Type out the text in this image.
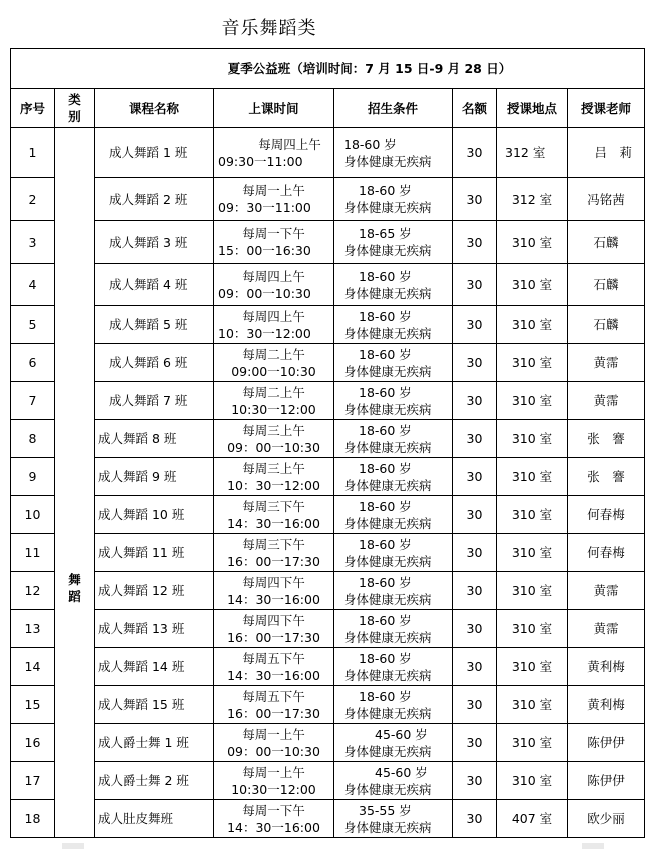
音乐舞蹈类
夏季公益班（培训时间：7 月 15 日-9 月 28 日）							
序号	类别	课程名称	上课时间	招生条件	名额	授课地点	授课老师
1	舞蹈	成人舞蹈 1 班	每周四上午
09:30一11:00	18-60 岁
身体健康无疾病	30	312 室	吕　莉
2		成人舞蹈 2 班	每周一上午
09：30一11:00	18-60 岁
身体健康无疾病	30	312 室	冯铭茜
3		成人舞蹈 3 班	每周一下午
15：00一16:30	18-65 岁
身体健康无疾病	30	310 室	石麟
4		成人舞蹈 4 班	每周四上午
09：00一10:30	18-60 岁
身体健康无疾病	30	310 室	石麟
5		成人舞蹈 5 班	每周四上午
10：30一12:00	18-60 岁
身体健康无疾病	30	310 室	石麟
6		成人舞蹈 6 班	每周二上午
09:00一10:30	18-60 岁
身体健康无疾病	30	310 室	黄霈
7		成人舞蹈 7 班	每周二上午
10:30一12:00	18-60 岁
身体健康无疾病	30	310 室	黄霈
8		成人舞蹈 8 班	每周三上午
09：00一10:30	18-60 岁
身体健康无疾病	30	310 室	张　謇
9		成人舞蹈 9 班	每周三上午
10：30一12:00	18-60 岁
身体健康无疾病	30	310 室	张　謇
10		成人舞蹈 10 班	每周三下午
14：30一16:00	18-60 岁
身体健康无疾病	30	310 室	何春梅
11		成人舞蹈 11 班	每周三下午
16：00一17:30	18-60 岁
身体健康无疾病	30	310 室	何春梅
12		成人舞蹈 12 班	每周四下午
14：30一16:00	18-60 岁
身体健康无疾病	30	310 室	黄霈
13		成人舞蹈 13 班	每周四下午
16：00一17:30	18-60 岁
身体健康无疾病	30	310 室	黄霈
14		成人舞蹈 14 班	每周五下午
14：30一16:00	18-60 岁
身体健康无疾病	30	310 室	黄利梅
15		成人舞蹈 15 班	每周五下午
16：00一17:30	18-60 岁
身体健康无疾病	30	310 室	黄利梅
16		成人爵士舞 1 班	每周一上午
09：00一10:30	45-60 岁
身体健康无疾病	30	310 室	陈伊伊
17		成人爵士舞 2 班	每周一上午
10:30一12:00	45-60 岁
身体健康无疾病	30	310 室	陈伊伊
18		成人肚皮舞班	每周一下午
14：30一16:00	35-55 岁
身体健康无疾病	30	407 室	欧少丽
